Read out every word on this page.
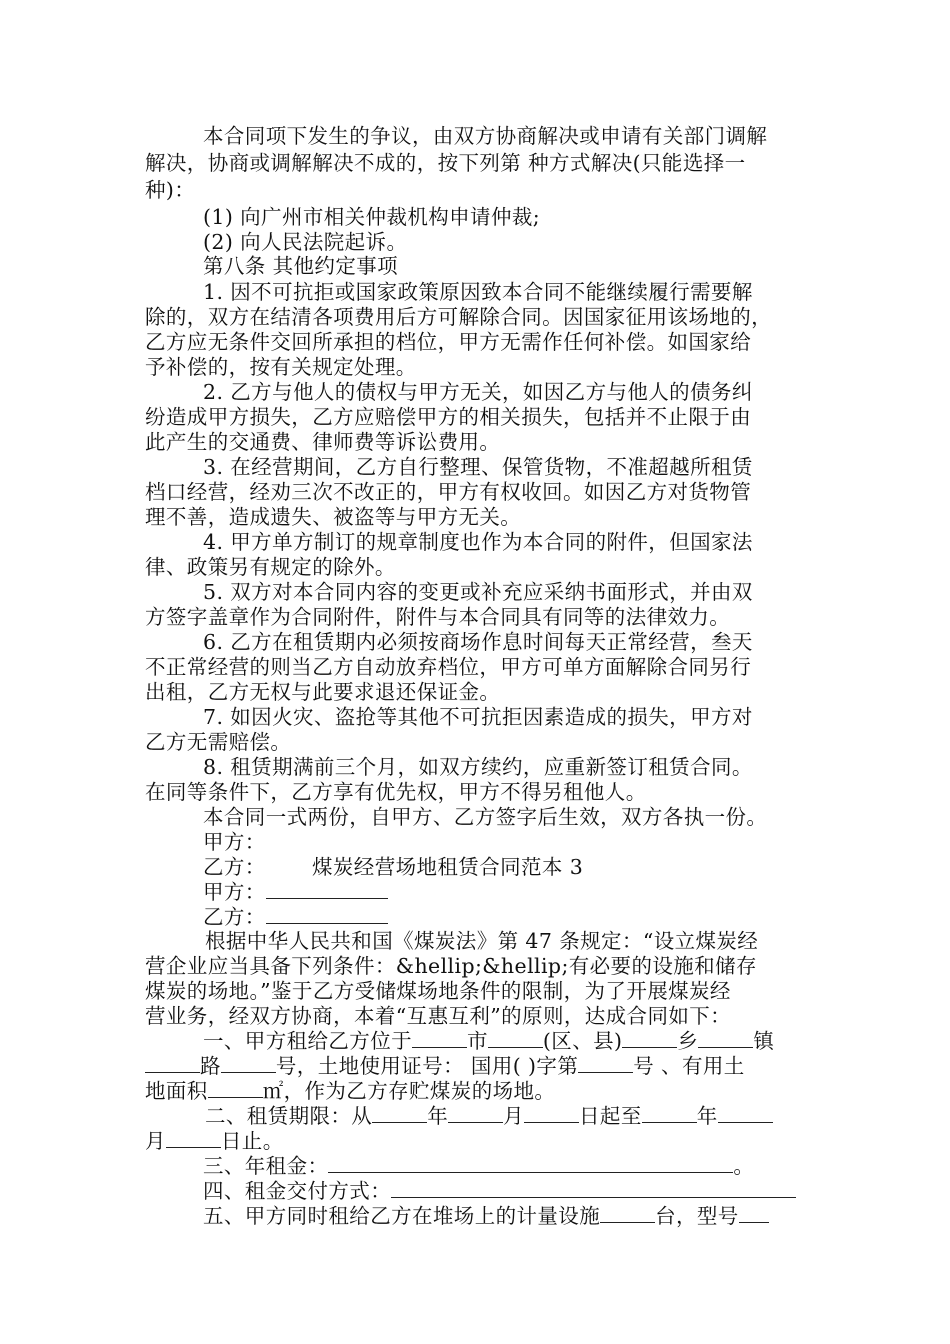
本合同项下发生的争议，由双方协商解决或申请有关部门调解
解决，协商或调解解决不成的，按下列第 种方式解决(只能选择一
种)：
(1) 向广州市相关仲裁机构申请仲裁;
(2) 向人民法院起诉。
第八条 其他约定事项
1. 因不可抗拒或国家政策原因致本合同不能继续履行需要解
除的，双方在结清各项费用后方可解除合同。因国家征用该场地的，
乙方应无条件交回所承担的档位，甲方无需作任何补偿。如国家给
予补偿的，按有关规定处理。
2. 乙方与他人的债权与甲方无关，如因乙方与他人的债务纠
纷造成甲方损失，乙方应赔偿甲方的相关损失，包括并不止限于由
此产生的交通费、律师费等诉讼费用。
3. 在经营期间，乙方自行整理、保管货物，不准超越所租赁
档口经营，经劝三次不改正的，甲方有权收回。如因乙方对货物管
理不善，造成遗失、被盗等与甲方无关。
4. 甲方单方制订的规章制度也作为本合同的附件，但国家法
律、政策另有规定的除外。
5. 双方对本合同内容的变更或补充应采纳书面形式，并由双
方签字盖章作为合同附件，附件与本合同具有同等的法律效力。
6. 乙方在租赁期内必须按商场作息时间每天正常经营，叁天
不正常经营的则当乙方自动放弃档位，甲方可单方面解除合同另行
出租，乙方无权与此要求退还保证金。
7. 如因火灾、盗抢等其他不可抗拒因素造成的损失，甲方对
乙方无需赔偿。
8. 租赁期满前三个月，如双方续约，应重新签订租赁合同。
在同等条件下，乙方享有优先权，甲方不得另租他人。
本合同一式两份，自甲方、乙方签字后生效，双方各执一份。
甲方：
乙方：	煤炭经营场地租赁合同范本 3
甲方：
乙方：
根据中华人民共和国《煤炭法》第 47 条规定：“设立煤炭经
营企业应当具备下列条件：&hellip;&hellip;有必要的设施和储存
煤炭的场地。”鉴于乙方受储煤场地条件的限制，为了开展煤炭经
营业务，经双方协商，本着“互惠互利”的原则，达成合同如下：
一、甲方租给乙方位于	市	(区、县)	乡	镇
路	号，土地使用证号： 国用( )字第	号 、有用土
地面积	㎡，作为乙方存贮煤炭的场地。
二、租赁期限：从	年	月	日起至	年
月	日止。
三、年租金：	。
四、租金交付方式：
五、甲方同时租给乙方在堆场上的计量设施	台，型号
